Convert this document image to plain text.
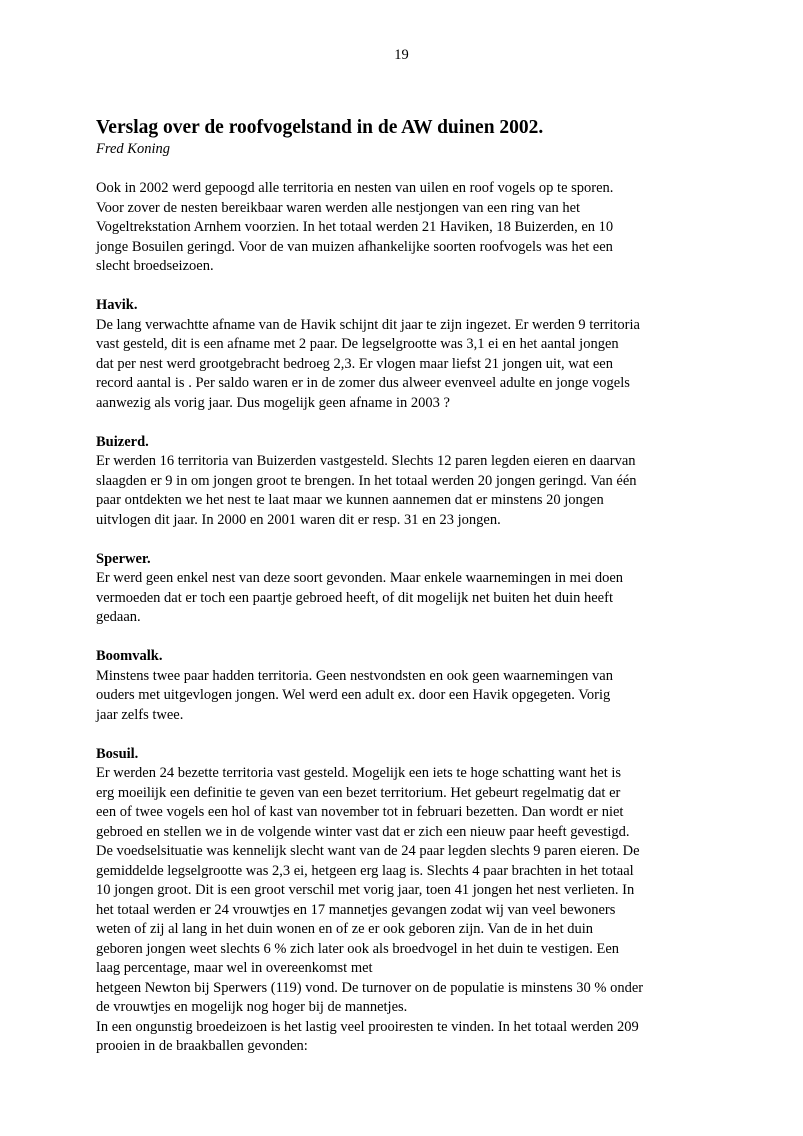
19
Verslag over de roofvogelstand in de AW duinen 2002.
Fred Koning
Ook in 2002 werd gepoogd alle territoria en nesten van uilen en roof vogels op te sporen.
Voor zover de nesten bereikbaar waren werden alle nestjongen van een ring van het
Vogeltrekstation Arnhem voorzien. In het totaal werden 21 Haviken, 18 Buizerden, en 10
jonge Bosuilen geringd. Voor de van muizen afhankelijke soorten roofvogels was het een
slecht broedseizoen.
Havik.
De lang verwachtte afname van de Havik schijnt dit jaar te zijn ingezet. Er werden 9 territoria
vast gesteld, dit is een afname met 2 paar. De legselgrootte was 3,1 ei en het aantal jongen
dat per nest werd grootgebracht bedroeg 2,3. Er vlogen maar liefst 21 jongen uit, wat een
record aantal is . Per saldo waren er in de zomer dus alweer evenveel adulte en jonge vogels
aanwezig als vorig jaar. Dus mogelijk geen afname in 2003 ?
Buizerd.
Er werden 16 territoria van Buizerden vastgesteld. Slechts 12 paren legden eieren en daarvan
slaagden er 9 in om jongen groot te brengen. In het totaal werden 20 jongen geringd. Van één
paar ontdekten we het nest te laat maar we kunnen aannemen dat er minstens 20 jongen
uitvlogen dit jaar. In 2000 en 2001 waren dit er resp. 31 en 23 jongen.
Sperwer.
Er werd geen enkel nest van deze soort gevonden. Maar enkele waarnemingen in mei doen
vermoeden dat er toch een paartje gebroed heeft, of dit mogelijk net buiten het duin heeft
gedaan.
Boomvalk.
Minstens twee paar hadden territoria. Geen nestvondsten en ook geen waarnemingen van
ouders met uitgevlogen jongen. Wel werd een adult ex. door een Havik opgegeten. Vorig
jaar zelfs twee.
Bosuil.
Er werden 24 bezette territoria vast gesteld. Mogelijk een iets te hoge schatting want het is
erg moeilijk een definitie te geven van een bezet territorium. Het gebeurt regelmatig dat er
een of twee vogels een hol of kast van november tot in februari bezetten. Dan wordt er niet
gebroed en stellen we in de volgende winter vast dat er zich een nieuw paar heeft gevestigd.
De voedselsituatie was kennelijk slecht want van de 24 paar legden slechts 9 paren eieren. De
gemiddelde legselgrootte was 2,3 ei, hetgeen erg laag is. Slechts 4 paar brachten in het totaal
10 jongen groot. Dit is een groot verschil met vorig jaar, toen 41 jongen het nest verlieten. In
het totaal werden er 24 vrouwtjes en 17 mannetjes gevangen zodat wij van veel bewoners
weten of zij al lang in het duin wonen en of ze er ook geboren zijn. Van de in het duin
geboren jongen weet slechts 6 % zich later ook als broedvogel in het duin te vestigen. Een
laag percentage, maar wel in overeenkomst met
hetgeen Newton bij Sperwers (119) vond. De turnover on de populatie is minstens 30 % onder
de vrouwtjes en mogelijk nog hoger bij de mannetjes.
In een ongunstig broedeizoen is het lastig veel prooiresten te vinden. In het totaal werden 209
prooien in de braakballen gevonden:
